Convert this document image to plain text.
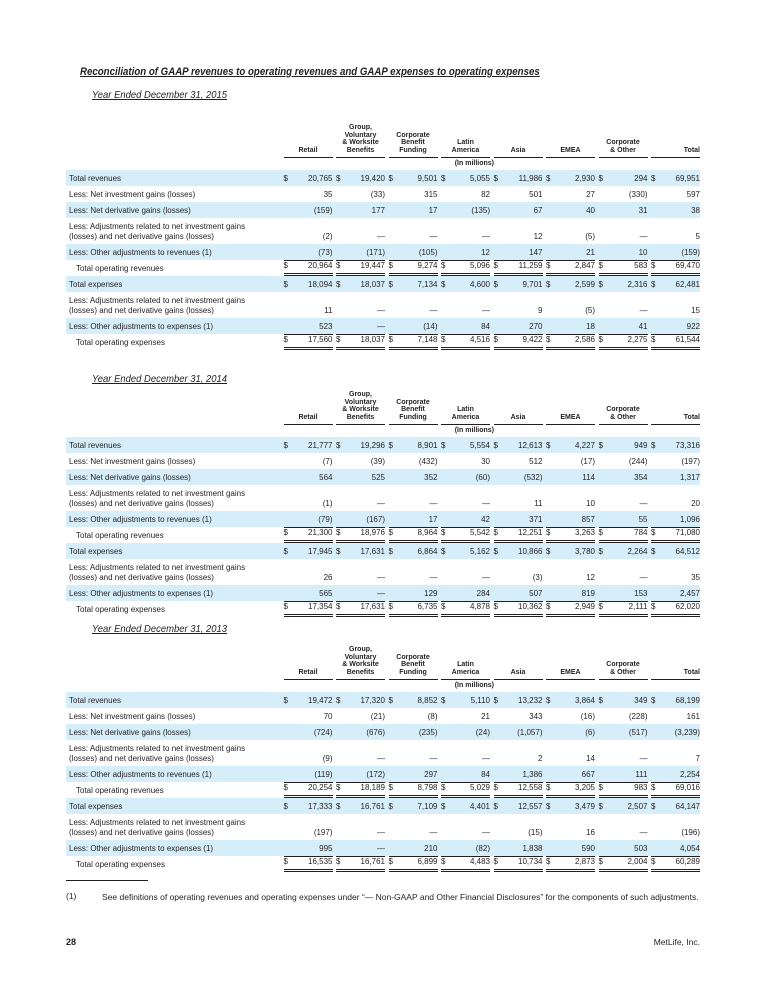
Reconciliation of GAAP revenues to operating revenues and GAAP expenses to operating expenses
Year Ended December 31, 2015
Retail
Group,
Voluntary
& Worksite
Benefits
Corporate
Benefit
Funding
Latin
America	Asia	EMEA
Corporate
& Other	Total
(In millions)
Total revenues	$	20,765 $	19,420 $	9,501 $	5,055 $	11,986 $	2,930 $	294 $	69,951
Less: Net investment gains (losses)	35	(33)	315	82	501	27	(330)	597
Less: Net derivative gains (losses)	(159)	177	17	(135)	67	40	31	38
Less: Adjustments related to net investment gains
(losses) and net derivative gains (losses)	(2)	—	—	—	12	(5)	—	5
Less: Other adjustments to revenues (1)	(73)	(171)	(105)	12	147	21	10	(159)
Total operating revenues	$	20,964 $	19,447 $	9,274 $	5,096 $	11,259 $	2,847 $	583 $	69,470
Total expenses	$	18,094 $	18,037 $	7,134 $	4,600 $	9,701 $	2,599 $	2,316 $	62,481
Less: Adjustments related to net investment gains
(losses) and net derivative gains (losses)	11	—	—	—	9	(5)	—	15
Less: Other adjustments to expenses (1)	523	—	(14)	84	270	18	41	922
Total operating expenses	$	17,560 $	18,037 $	7,148 $	4,516 $	9,422 $	2,586 $	2,275 $	61,544
Year Ended December 31, 2014
Retail
Group,
Voluntary
& Worksite
Benefits
Corporate
Benefit
Funding
Latin
America	Asia	EMEA
Corporate
& Other	Total
(In millions)
Total revenues	$	21,777 $	19,296 $	8,901 $	5,554 $	12,613 $	4,227 $	949 $	73,316
Less: Net investment gains (losses)	(7)	(39)	(432)	30	512	(17)	(244)	(197)
Less: Net derivative gains (losses)	564	525	352	(60)	(532)	114	354	1,317
Less: Adjustments related to net investment gains
(losses) and net derivative gains (losses)	(1)	—	—	—	11	10	—	20
Less: Other adjustments to revenues (1)	(79)	(167)	17	42	371	857	55	1,096
Total operating revenues	$	21,300 $	18,976 $	8,964 $	5,542 $	12,251 $	3,263 $	784 $	71,080
Total expenses	$	17,945 $	17,631 $	6,864 $	5,162 $	10,866 $	3,780 $	2,264 $	64,512
Less: Adjustments related to net investment gains
(losses) and net derivative gains (losses)	26	—	—	—	(3)	12	—	35
Less: Other adjustments to expenses (1)	565	—	129	284	507	819	153	2,457
Total operating expenses	$	17,354 $	17,631 $	6,735 $	4,878 $	10,362 $	2,949 $	2,111 $	62,020
Year Ended December 31, 2013
Retail
Group,
Voluntary
& Worksite
Benefits
Corporate
Benefit
Funding
Latin
America	Asia	EMEA
Corporate
& Other	Total
(In millions)
Total revenues	$	19,472 $	17,320 $	8,852 $	5,110 $	13,232 $	3,864 $	349 $	68,199
Less: Net investment gains (losses)	70	(21)	(8)	21	343	(16)	(228)	161
Less: Net derivative gains (losses)	(724)	(676)	(235)	(24)	(1,057)	(6)	(517)	(3,239)
Less: Adjustments related to net investment gains
(losses) and net derivative gains (losses)	(9)	—	—	—	2	14	—	7
Less: Other adjustments to revenues (1)	(119)	(172)	297	84	1,386	667	111	2,254
Total operating revenues	$	20,254 $	18,189 $	8,798 $	5,029 $	12,558 $	3,205 $	983 $	69,016
Total expenses	$	17,333 $	16,761 $	7,109 $	4,401 $	12,557 $	3,479 $	2,507 $	64,147
Less: Adjustments related to net investment gains
(losses) and net derivative gains (losses)	(197)	—	—	—	(15)	16	—	(196)
Less: Other adjustments to expenses (1)	995	—	210	(82)	1,838	590	503	4,054
Total operating expenses	$	16,535 $	16,761 $	6,899 $	4,483 $	10,734 $	2,873 $	2,004 $	60,289
(1)	See definitions of operating revenues and operating expenses under “— Non-GAAP and Other Financial Disclosures” for the components of such adjustments.
28	MetLife, Inc.
